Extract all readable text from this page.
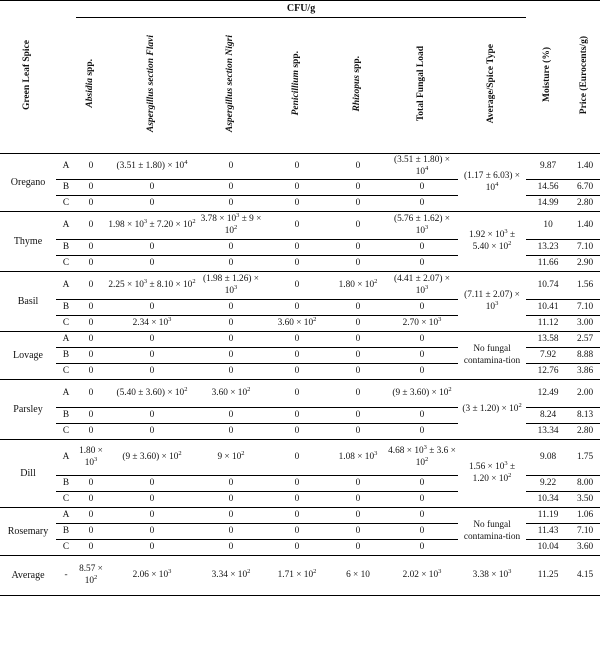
Green Leaf Spice		CFU/g							Moisture (%)	Price (Eurocents/g)
		Absidia spp.	Aspergillus section Flavi	Aspergillus section Nigri	Penicillium spp.	Rhizopus spp.	Total Fungal Load	Average/Spice Type		
Oregano	A	0	$(3.51 \pm 1.80) \times 10^4$	0	0	0	$(3.51 \pm 1.80) \times 10^4$	$(1.17 \pm 6.03) \times 10^4$	9.87	1.40
	B	0	0	0	0	0	0		14.56	6.70
	C	0	0	0	0	0	0		14.99	2.80
Thyme	A	0	$1.98 \times 10^3 \pm 7.20 \times 10^2$	$3.78 \times 10^3 \pm 9 \times 10^2$	0	0	$(5.76 \pm 1.62) \times 10^3$	$1.92 \times 10^3 \pm 5.40 \times 10^2$	10	1.40
	B	0	0	0	0	0	0		13.23	7.10
	C	0	0	0	0	0	0		11.66	2.90
Basil	A	0	$2.25 \times 10^3 \pm 8.10 \times 10^2$	$(1.98 \pm 1.26) \times 10^3$	0	$1.80 \times 10^2$	$(4.41 \pm 2.07) \times 10^3$	$(7.11 \pm 2.07) \times 10^3$	10.74	1.56
	B	0	0	0	0	0	0		10.41	7.10
	C	0	$2.34 \times 10^3$	0	$3.60 \times 10^2$	0	$2.70 \times 10^3$		11.12	3.00
Lovage	A	0	0	0	0	0	0	No fungal contamina-tion	13.58	2.57
	B	0	0	0	0	0	0		7.92	8.88
	C	0	0	0	0	0	0		12.76	3.86
Parsley	A	0	$(5.40 \pm 3.60) \times 10^2$	$3.60 \times 10^2$	0	0	$(9 \pm 3.60) \times 10^2$	$(3 \pm 1.20) \times 10^2$	12.49	2.00
	B	0	0	0	0	0	0		8.24	8.13
	C	0	0	0	0	0	0		13.34	2.80
Dill	A	$1.80 \times 10^3$	$(9 \pm 3.60) \times 10^2$	$9 \times 10^2$	0	$1.08 \times 10^3$	$4.68 \times 10^3 \pm 3.6 \times 10^2$	$1.56 \times 10^3 \pm 1.20 \times 10^2$	9.08	1.75
	B	0	0	0	0	0	0		9.22	8.00
	C	0	0	0	0	0	0		10.34	3.50
Rosemary	A	0	0	0	0	0	0	No fungal contamina-tion	11.19	1.06
	B	0	0	0	0	0	0		11.43	7.10
	C	0	0	0	0	0	0		10.04	3.60
Average	-	$8.57 \times 10^2$	$2.06 \times 10^3$	$3.34 \times 10^2$	$1.71 \times 10^2$	6 × 10	$2.02 \times 10^3$	$3.38 \times 10^3$	11.25	4.15
